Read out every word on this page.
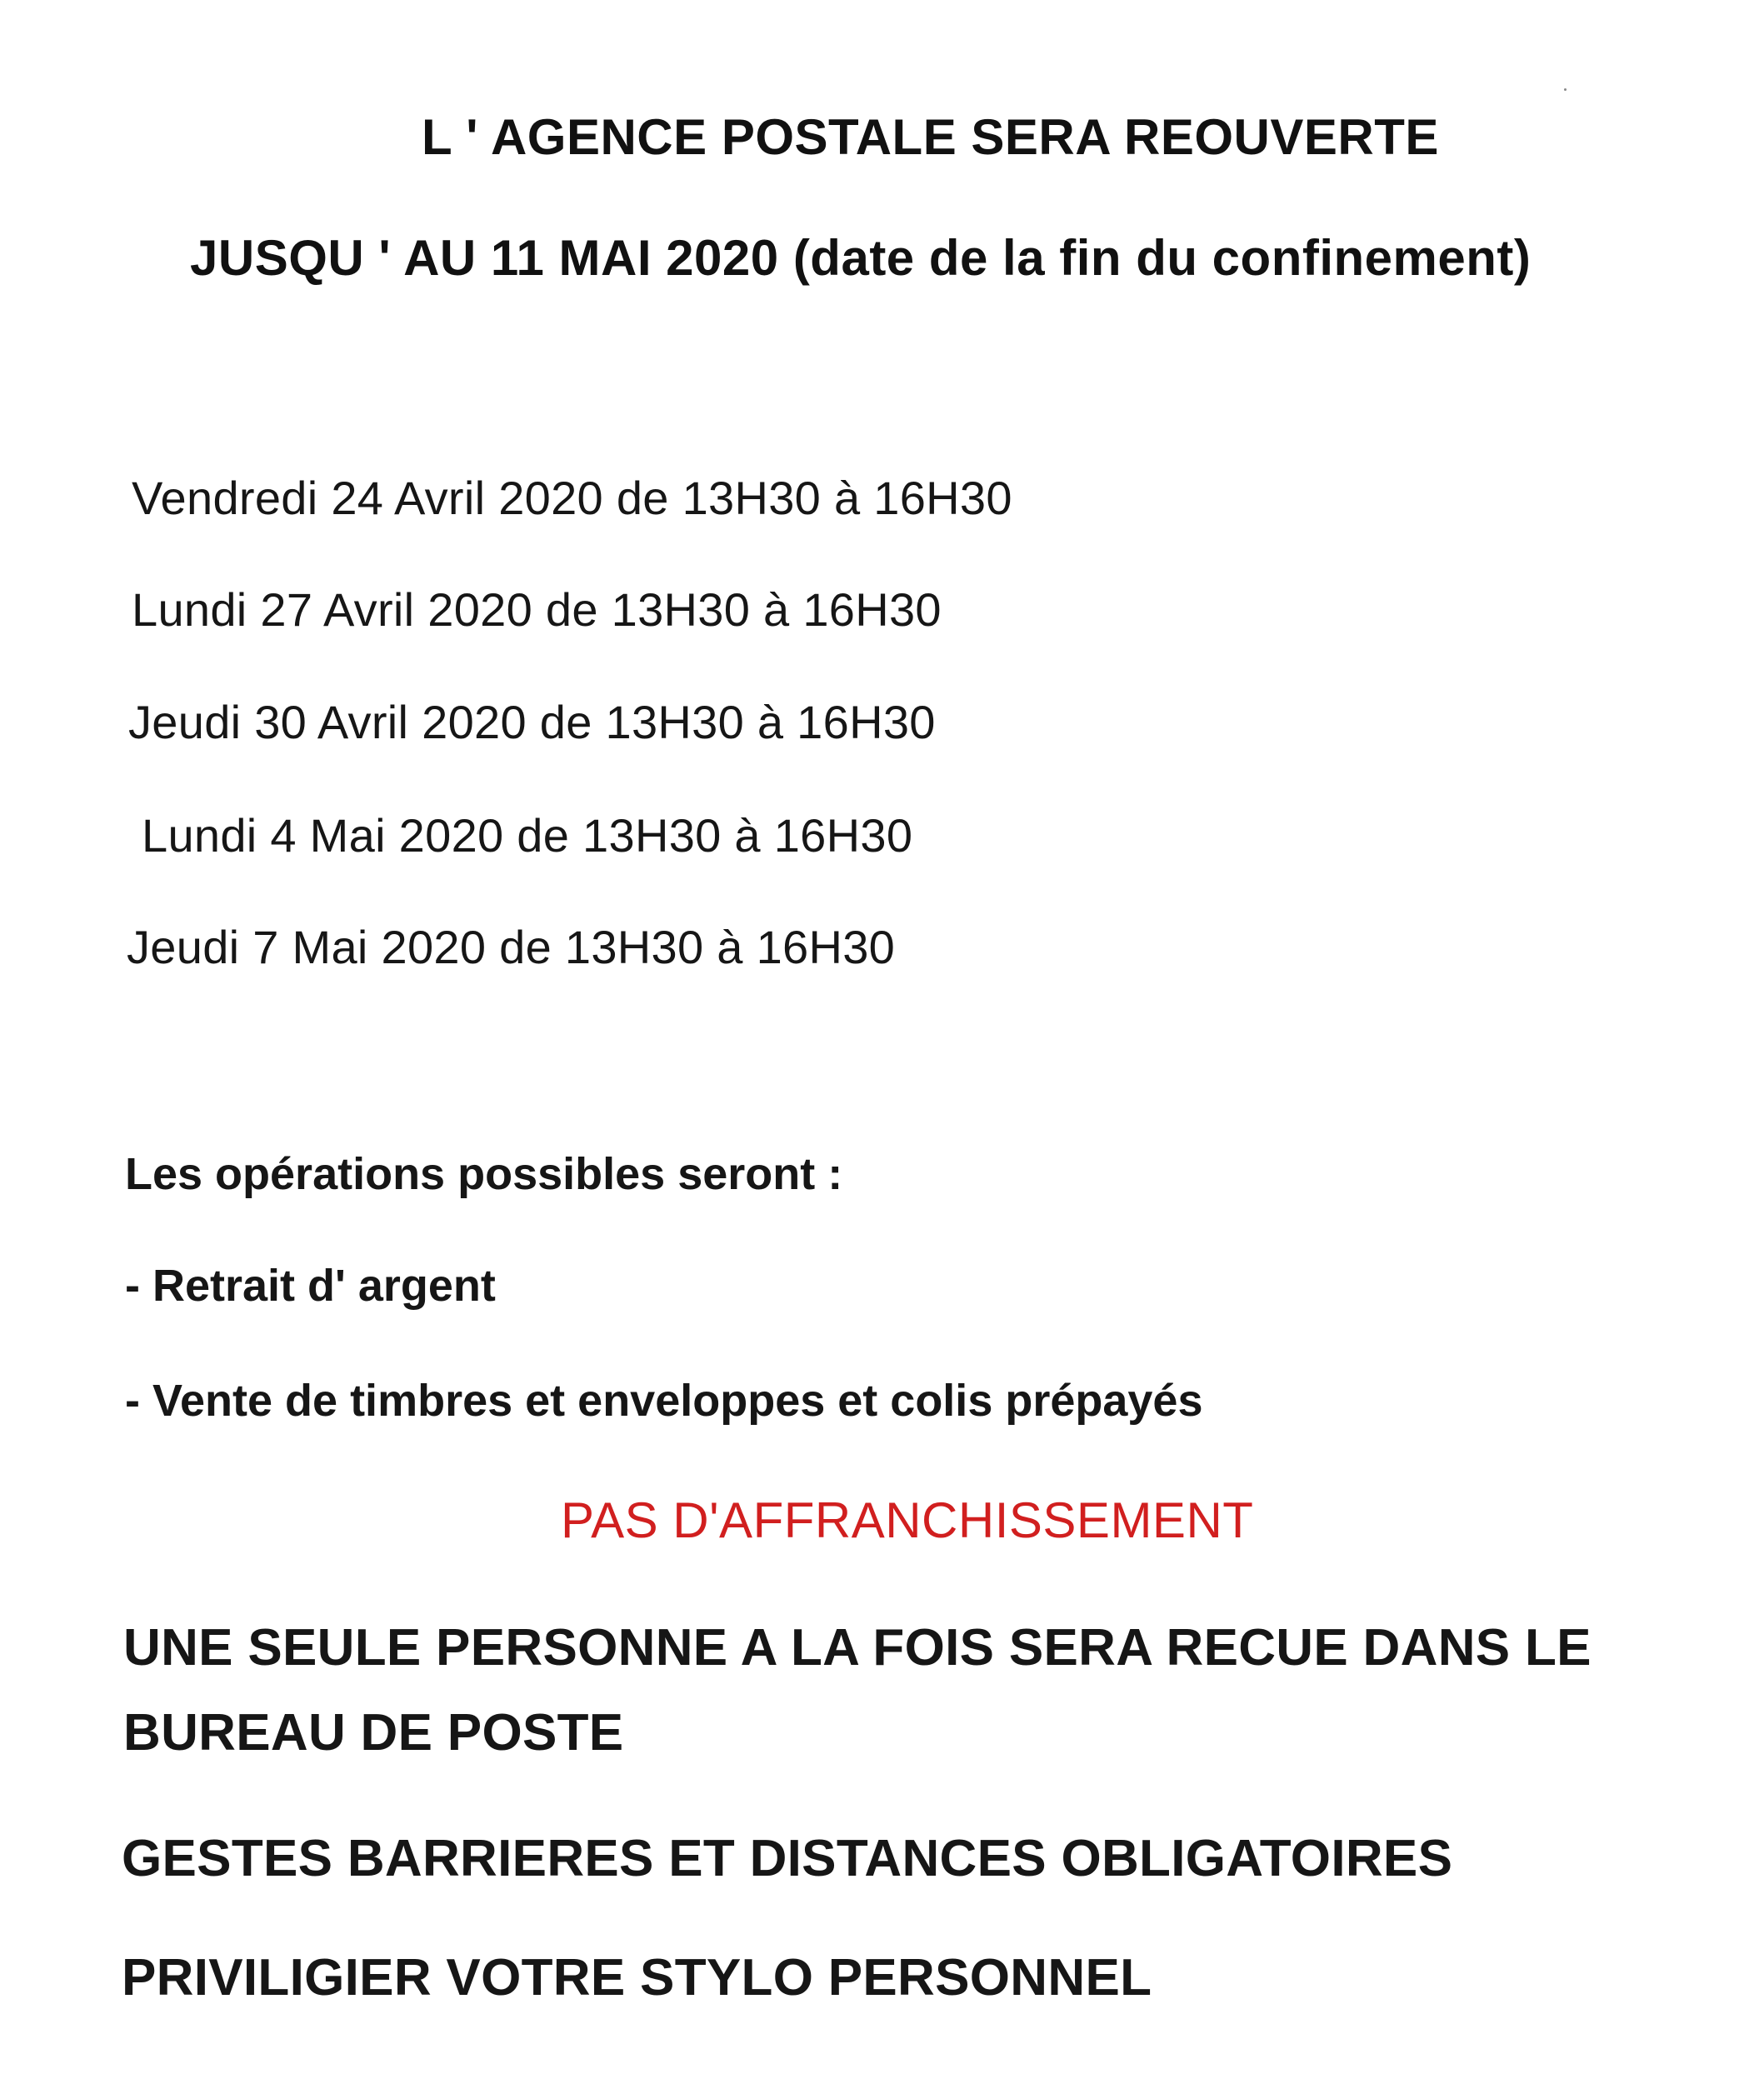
L ' AGENCE POSTALE SERA REOUVERTE
JUSQU ' AU 11 MAI 2020 (date de la fin du confinement)
Vendredi 24 Avril 2020 de 13H30 à 16H30
Lundi 27 Avril 2020 de 13H30 à 16H30
Jeudi 30 Avril 2020 de 13H30 à 16H30
Lundi 4 Mai 2020 de 13H30 à 16H30
Jeudi 7 Mai 2020 de 13H30 à 16H30
Les opérations possibles seront :
- Retrait d' argent
- Vente de timbres et enveloppes et colis prépayés
PAS D'AFFRANCHISSEMENT
UNE SEULE PERSONNE A LA FOIS SERA RECUE DANS LE
BUREAU DE POSTE
GESTES BARRIERES ET DISTANCES OBLIGATOIRES
PRIVILIGIER VOTRE STYLO PERSONNEL
